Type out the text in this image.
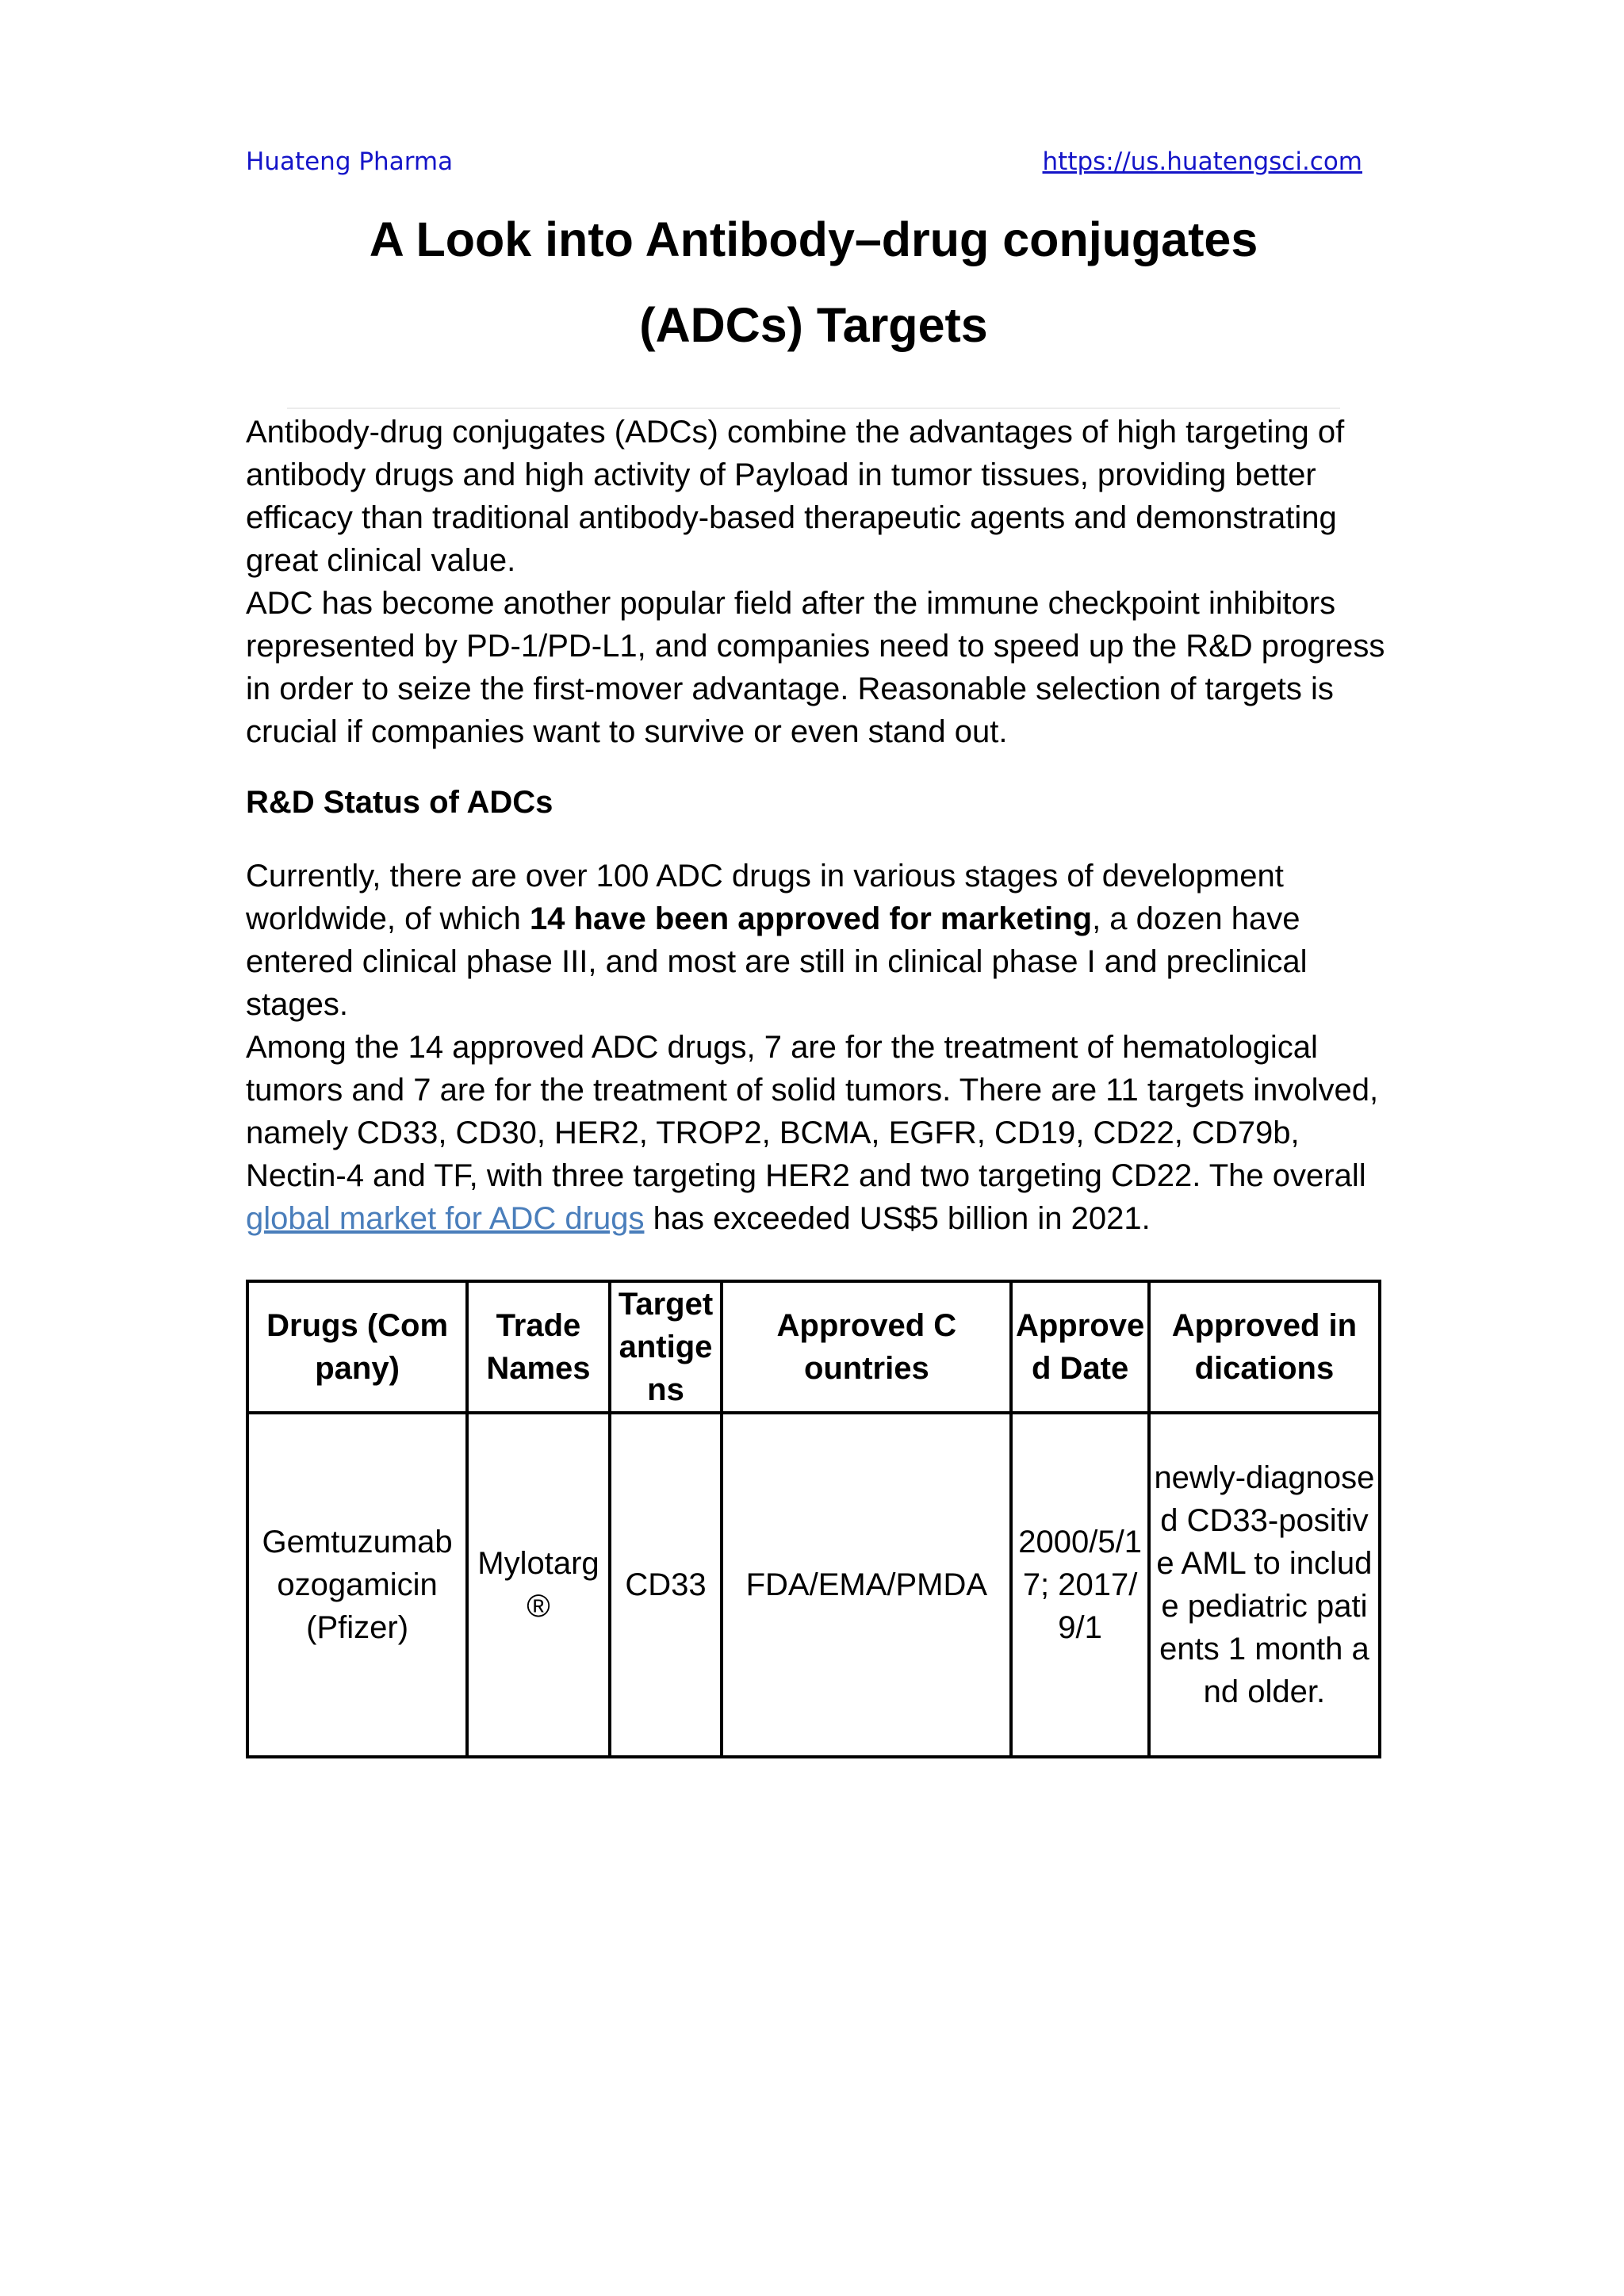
Huateng Pharma	https://us.huatengsci.com
A Look into Antibody–drug conjugates
(ADCs) Targets
Antibody-drug conjugates (ADCs) combine the advantages of high targeting of antibody drugs and high activity of Payload in tumor tissues, providing better efficacy than traditional antibody-based therapeutic agents and demonstrating great clinical value.
ADC has become another popular field after the immune checkpoint inhibitors represented by PD-1/PD-L1, and companies need to speed up the R&D progress in order to seize the first-mover advantage. Reasonable selection of targets is crucial if companies want to survive or even stand out.
R&D Status of ADCs
Currently, there are over 100 ADC drugs in various stages of development worldwide, of which 14 have been approved for marketing, a dozen have entered clinical phase III, and most are still in clinical phase I and preclinical stages.
Among the 14 approved ADC drugs, 7 are for the treatment of hematological tumors and 7 are for the treatment of solid tumors. There are 11 targets involved, namely CD33, CD30, HER2, TROP2, BCMA, EGFR, CD19, CD22, CD79b, Nectin-4 and TF, with three targeting HER2 and two targeting CD22. The overall global market for ADC drugs has exceeded US$5 billion in 2021.
Drugs (Company)	Trade Names	Target antigens	Approved Countries	Approved Date	Approved indications
Gemtuzumab ozogamicin (Pfizer)	Mylotarg®	CD33	FDA/EMA/PMDA	2000/5/17; 2017/9/1	newly-diagnosed CD33-positive AML to include pediatric patients 1 month and older.
